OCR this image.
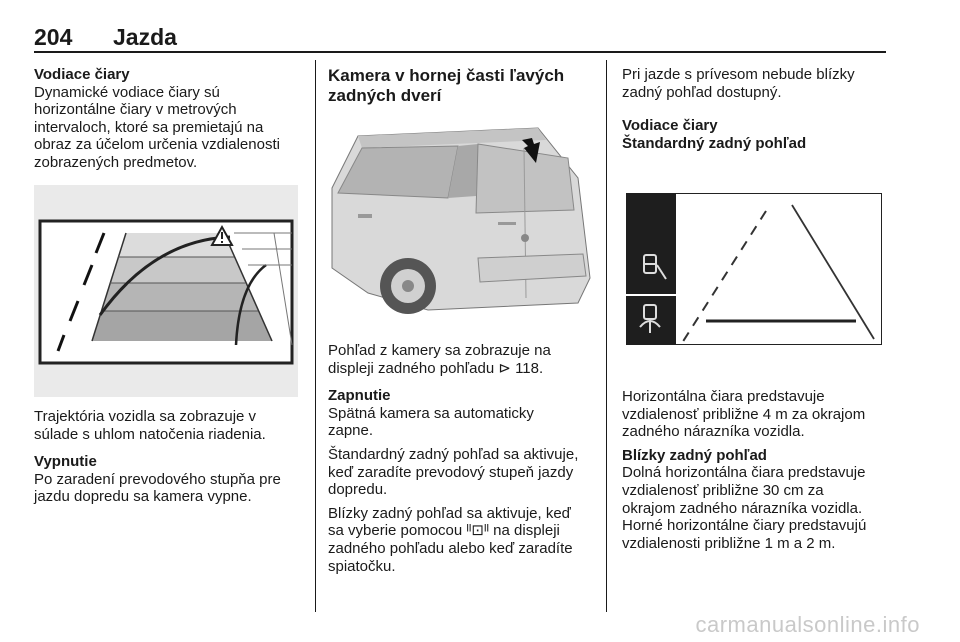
204 Jazda

Vodiace čiary

Dynamické vodiace čiary sú

horizontálne čiary v metrových

intervaloch, ktoré sa premietajú na

obraz za účelom určenia vzdialenosti

zobrazených predmetov.

Trajektória vozidla sa zobrazuje v

súlade s uhlom natočenia riadenia.

Vypnutie

Po zaradení prevodového stupňa pre

jazdu dopredu sa kamera vypne.

Kamera v hornej časti ľavých

zadných dverí

Pohľad z kamery sa zobrazuje na

displeji zadného pohľadu ⊳ 118.

Zapnutie

Spätná kamera sa automaticky

zapne.

Štandardný zadný pohľad sa aktivuje,

keď zaradíte prevodový stupeň jazdy

dopredu.

Blízky zadný pohľad sa aktivuje, keď

sa vyberie pomocou ᴵᴵ⊡ᴵᴵ na displeji

zadného pohľadu alebo keď zaradíte

spiatočku.

Pri jazde s prívesom nebude blízky

zadný pohľad dostupný.

Vodiace čiary

Štandardný zadný pohľad

Horizontálna čiara predstavuje

vzdialenosť približne 4 m za okrajom

zadného nárazníka vozidla.

Blízky zadný pohľad

Dolná horizontálna čiara predstavuje

vzdialenosť približne 30 cm za

okrajom zadného nárazníka vozidla.

Horné horizontálne čiary predstavujú

vzdialenosti približne 1 m a 2 m.

carmanualsonline.info
